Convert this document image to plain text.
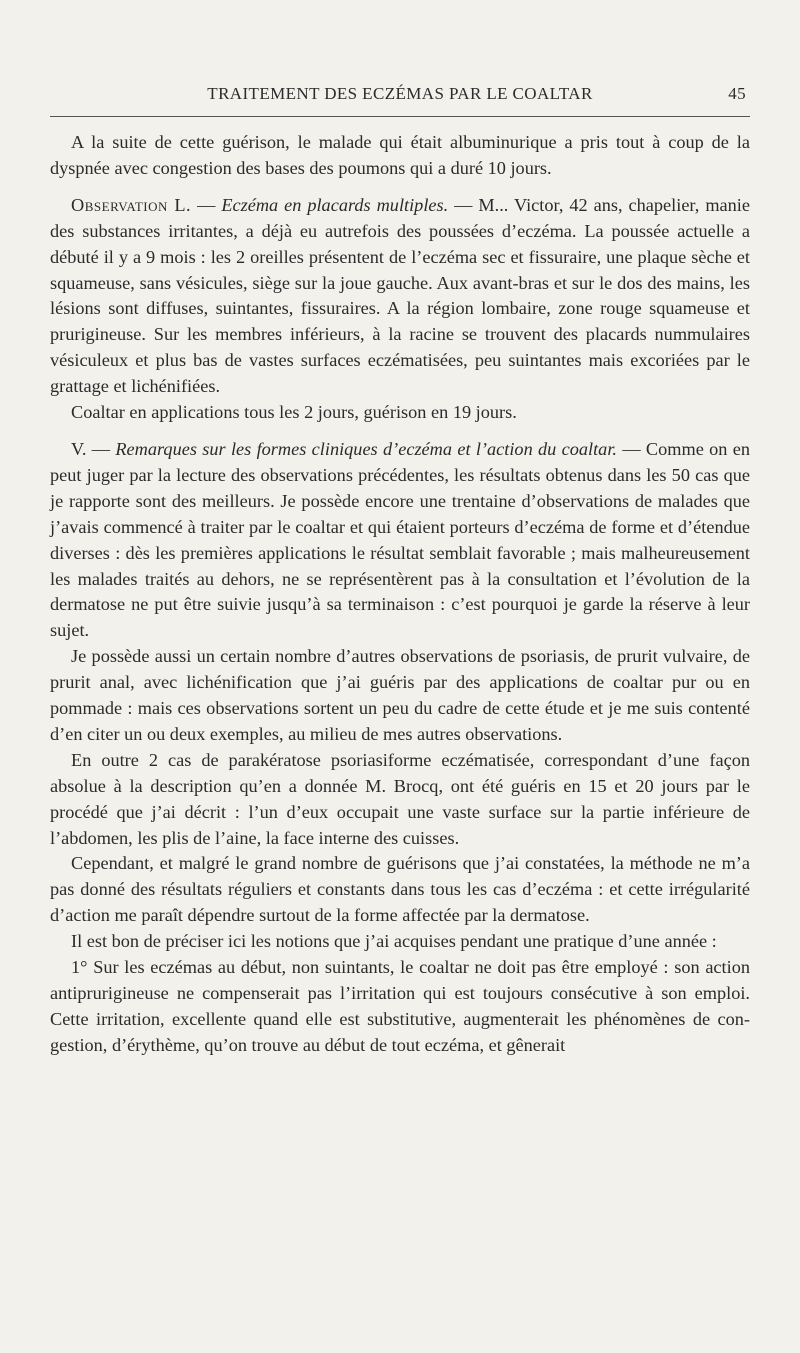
TRAITEMENT DES ECZÉMAS PAR LE COALTAR	45

A la suite de cette guérison, le malade qui était albuminurique a pris tout à coup de la dyspnée avec congestion des bases des poumons qui a duré 10 jours.

Observation L. — Eczéma en placards multiples. — M... Victor, 42 ans, chapelier, manie des substances irritantes, a déjà eu autrefois des poussées d’eczéma. La poussée actuelle a débuté il y a 9 mois : les 2 oreilles présentent de l’eczéma sec et fissuraire, une plaque sèche et squameuse, sans vésicules, siège sur la joue gauche. Aux avant-bras et sur le dos des mains, les lésions sont diffuses, suintantes, fissuraires. A la région lombaire, zone rouge squameuse et prurigineuse. Sur les membres inférieurs, à la racine se trouvent des placards nummulaires vésiculeux et plus bas de vastes surfaces eczématisées, peu suintantes mais excoriées par le grattage et lichénifiées.

Coaltar en applications tous les 2 jours, guérison en 19 jours.

V. — Remarques sur les formes cliniques d’eczéma et l’action du coaltar. — Comme on en peut juger par la lecture des observations précédentes, les résultats obtenus dans les 50 cas que je rapporte sont des meilleurs. Je possède encore une trentaine d’observations de malades que j’avais commencé à traiter par le coaltar et qui étaient porteurs d’eczéma de forme et d’étendue diverses : dès les premières applications le résultat semblait favorable ; mais malheureusement les malades traités au dehors, ne se représentèrent pas à la consultation et l’évolution de la dermatose ne put être suivie jusqu’à sa terminaison : c’est pourquoi je garde la réserve à leur sujet.

Je possède aussi un certain nombre d’autres observations de psoriasis, de prurit vulvaire, de prurit anal, avec lichénification que j’ai guéris par des applications de coaltar pur ou en pommade : mais ces observations sortent un peu du cadre de cette étude et je me suis contenté d’en citer un ou deux exemples, au milieu de mes autres observations.

En outre 2 cas de parakératose psoriasiforme eczématisée, correspondant d’une façon absolue à la description qu’en a donnée M. Brocq, ont été guéris en 15 et 20 jours par le procédé que j’ai décrit : l’un d’eux occupait une vaste surface sur la partie inférieure de l’abdomen, les plis de l’aine, la face interne des cuisses.

Cependant, et malgré le grand nombre de guérisons que j’ai constatées, la méthode ne m’a pas donné des résultats réguliers et constants dans tous les cas d’eczéma : et cette irrégularité d’action me paraît dépendre surtout de la forme affectée par la dermatose.

Il est bon de préciser ici les notions que j’ai acquises pendant une pratique d’une année :

1° Sur les eczémas au début, non suintants, le coaltar ne doit pas être employé : son action antiprurigineuse ne compenserait pas l’irritation qui est toujours consécutive à son emploi. Cette irritation, excellente quand elle est substitutive, augmenterait les phénomènes de congestion, d’érythème, qu’on trouve au début de tout eczéma, et gênerait
